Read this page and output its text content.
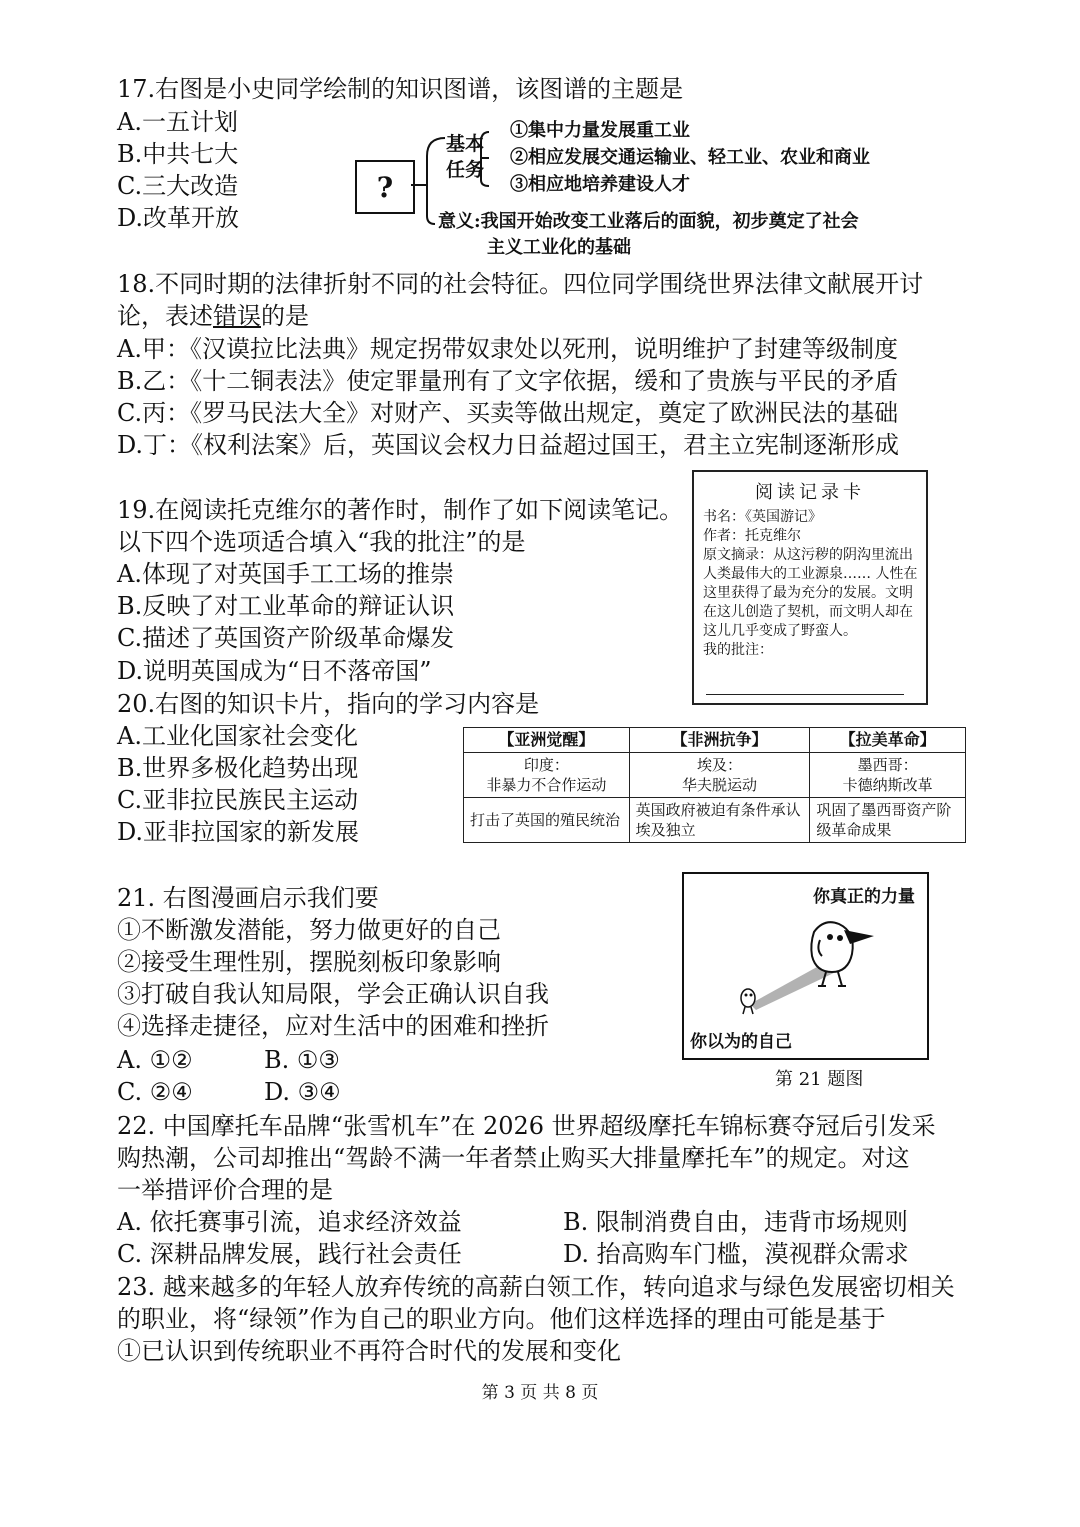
17.右图是小史同学绘制的知识图谱，该图谱的主题是
A.一五计划
B.中共七大
C.三大改造
D.改革开放
?
基本
任务
①集中力量发展重工业
②相应发展交通运输业、轻工业、农业和商业
③相应地培养建设人才
意义:我国开始改变工业落后的面貌，初步奠定了社会
主义工业化的基础
18.不同时期的法律折射不同的社会特征。四位同学围绕世界法律文献展开讨
论，表述错误的是
A.甲：《汉谟拉比法典》规定拐带奴隶处以死刑，说明维护了封建等级制度
B.乙：《十二铜表法》使定罪量刑有了文字依据，缓和了贵族与平民的矛盾
C.丙：《罗马民法大全》对财产、买卖等做出规定，奠定了欧洲民法的基础
D.丁：《权利法案》后，英国议会权力日益超过国王，君主立宪制逐渐形成
19.在阅读托克维尔的著作时，制作了如下阅读笔记。
以下四个选项适合填入“我的批注”的是
A.体现了对英国手工工场的推崇
B.反映了对工业革命的辩证认识
C.描述了英国资产阶级革命爆发
D.说明英国成为“日不落帝国”
阅读记录卡
书名：《英国游记》
作者：托克维尔
原文摘录：从这污秽的阴沟里流出人类最伟大的工业源泉…… 人性在这里获得了最为充分的发展。文明在这儿创造了契机，而文明人却在这儿几乎变成了野蛮人。
我的批注：
20.右图的知识卡片，指向的学习内容是
A.工业化国家社会变化
B.世界多极化趋势出现
C.亚非拉民族民主运动
D.亚非拉国家的新发展
【亚洲觉醒】	【非洲抗争】	【拉美革命】
印度：
非暴力不合作运动	埃及：
华夫脱运动	墨西哥：
卡德纳斯改革
打击了英国的殖民统治	英国政府被迫有条件承认埃及独立	巩固了墨西哥资产阶级革命成果
21. 右图漫画启示我们要
①不断激发潜能，努力做更好的自己
②接受生理性别，摆脱刻板印象影响
③打破自我认知局限，学会正确认识自我
④选择走捷径，应对生活中的困难和挫折
A. ①②	B. ①③
C. ②④	D. ③④
你真正的力量
你以为的自己
第 21 题图
22. 中国摩托车品牌“张雪机车”在 2026 世界超级摩托车锦标赛夺冠后引发采
购热潮，公司却推出“驾龄不满一年者禁止购买大排量摩托车”的规定。对这
一举措评价合理的是
A. 依托赛事引流，追求经济效益	B. 限制消费自由，违背市场规则
C. 深耕品牌发展，践行社会责任	D. 抬高购车门槛，漠视群众需求
23. 越来越多的年轻人放弃传统的高薪白领工作，转向追求与绿色发展密切相关
的职业，将“绿领”作为自己的职业方向。他们这样选择的理由可能是基于
①已认识到传统职业不再符合时代的发展和变化
第 3 页 共 8 页
